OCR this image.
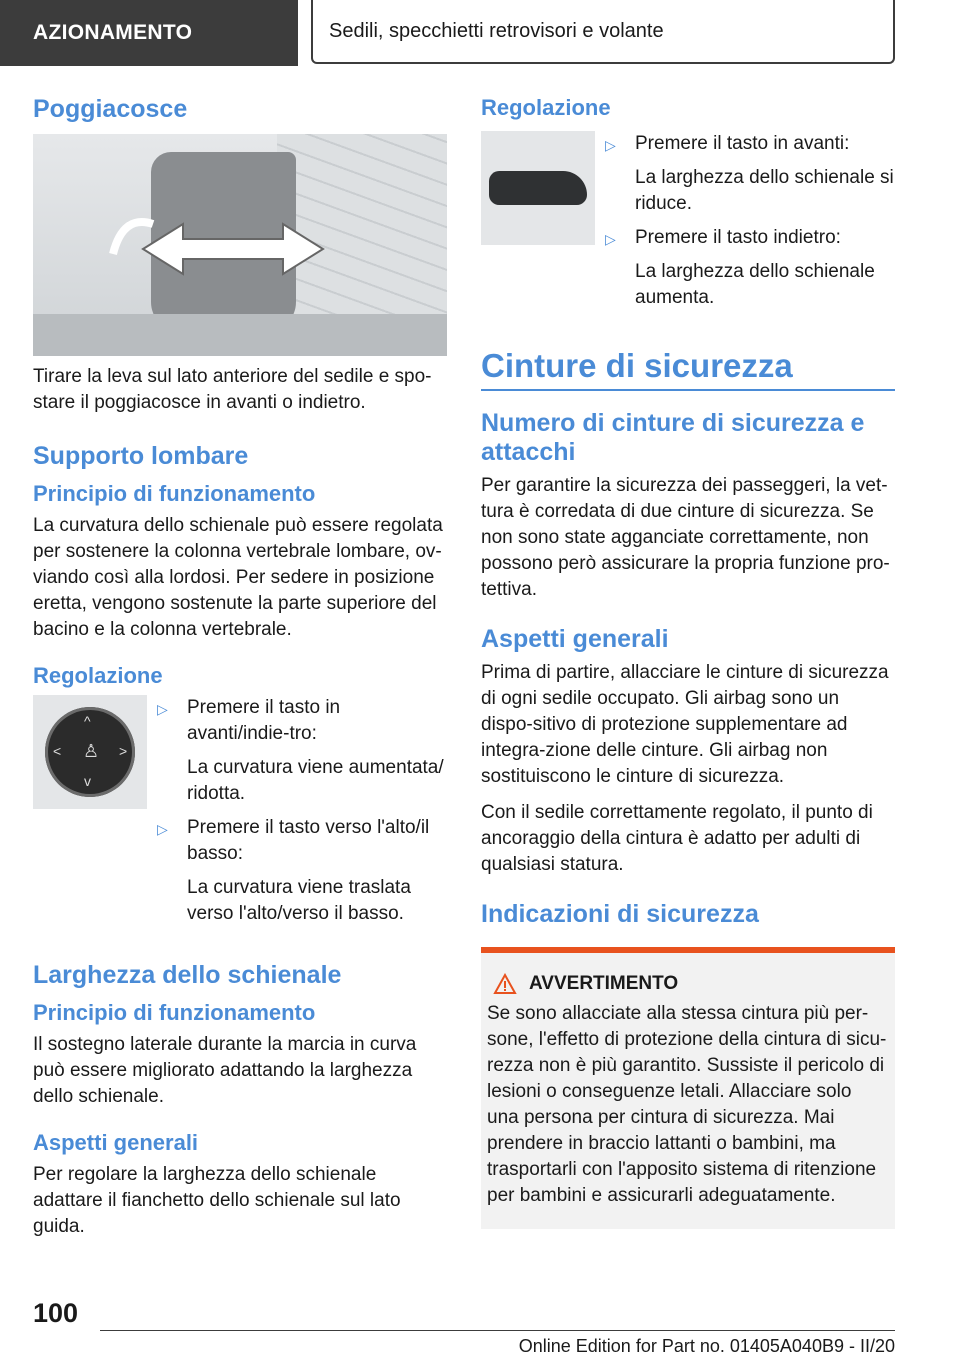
AZIONAMENTO	Sedili, specchietti retrovisori e volante
Poggiacosce

Tirare la leva sul lato anteriore del sedile e spo-stare il poggiacosce in avanti o indietro.

Supporto lombare
Principio di funzionamento

La curvatura dello schienale può essere regolata per sostenere la colonna vertebrale lombare, ov-viando così alla lordosi. Per sedere in posizione eretta, vengono sostenute la parte superiore del bacino e la colonna vertebrale.

Regolazione
^
v
<	>
♙
▷	Premere il tasto in avanti/indie-tro:
La curvatura viene aumentata/ ridotta.
▷	Premere il tasto verso l'alto/il basso:
La curvatura viene traslata verso l'alto/verso il basso.
Larghezza dello schienale
Principio di funzionamento

Il sostegno laterale durante la marcia in curva può essere migliorato adattando la larghezza dello schienale.

Aspetti generali

Per regolare la larghezza dello schienale adattare il fianchetto dello schienale sul lato guida.

Regolazione
▷	Premere il tasto in avanti:
La larghezza dello schienale si riduce.
▷	Premere il tasto indietro:
La larghezza dello schienale aumenta.
Cinture di sicurezza
Numero di cinture di sicurezza e attacchi

Per garantire la sicurezza dei passeggeri, la vet-tura è corredata di due cinture di sicurezza. Se non sono state agganciate correttamente, non possono però assicurare la propria funzione pro-tettiva.

Aspetti generali

Prima di partire, allacciare le cinture di sicurezza di ogni sedile occupato. Gli airbag sono un dispo-sitivo di protezione supplementare ad integra-zione delle cinture. Gli airbag non sostituiscono le cinture di sicurezza.

Con il sedile correttamente regolato, il punto di ancoraggio della cintura è adatto per adulti di qualsiasi statura.

Indicazioni di sicurezza
AVVERTIMENTO

Se sono allacciate alla stessa cintura più per-sone, l'effetto di protezione della cintura di sicu-rezza non è più garantito. Sussiste il pericolo di lesioni o conseguenze letali. Allacciare solo una persona per cintura di sicurezza. Mai prendere in braccio lattanti o bambini, ma trasportarli con l'apposito sistema di ritenzione per bambini e assicurarli adeguatamente.

100
Online Edition for Part no. 01405A040B9 - II/20
